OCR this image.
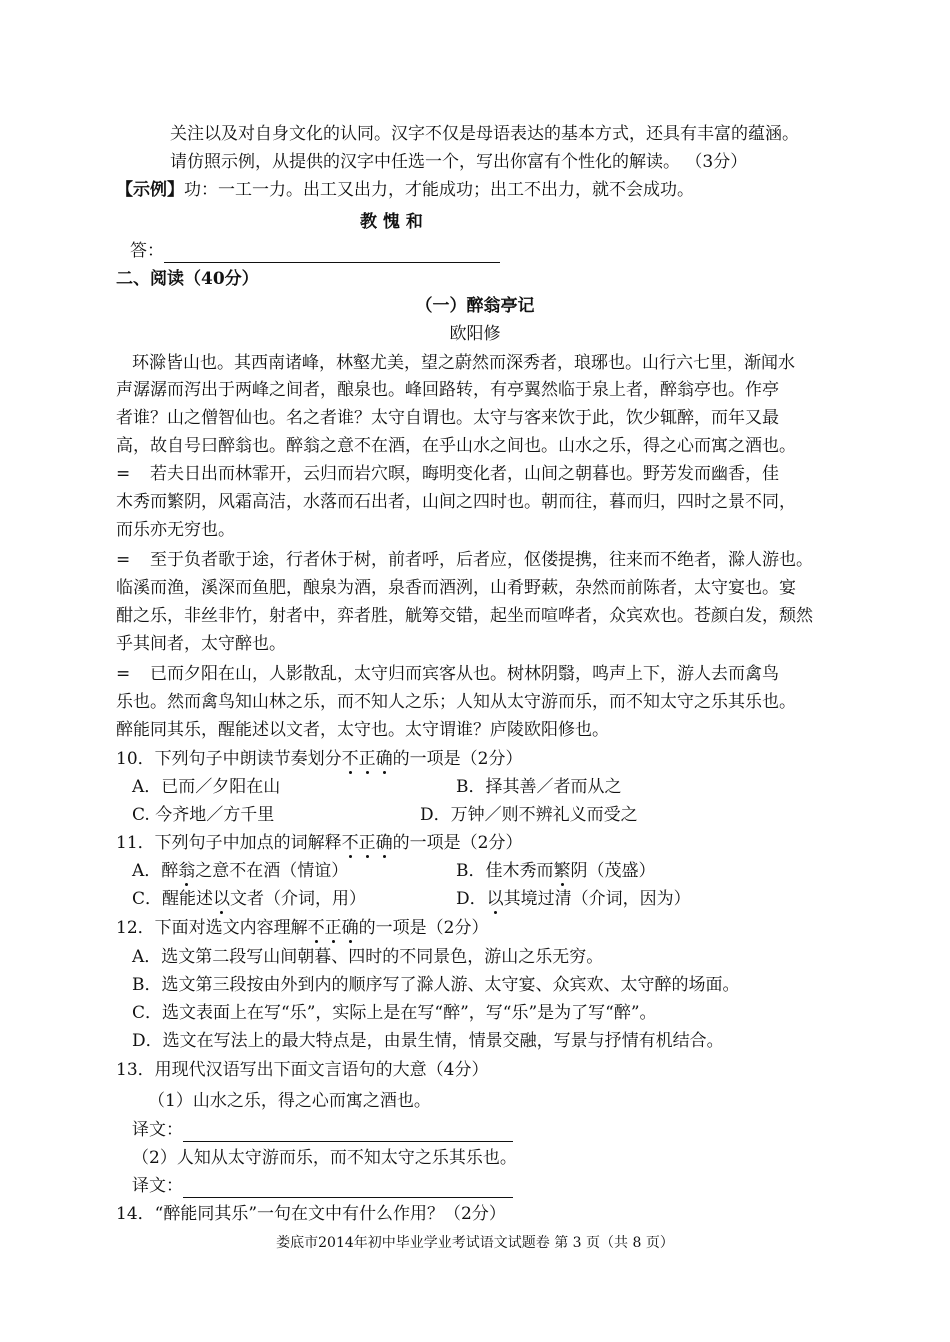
关注以及对自身文化的认同。汉字不仅是母语表达的基本方式，还具有丰富的蕴涵。
请仿照示例，从提供的汉字中任选一个，写出你富有个性化的解读。 （3分）
【示例】功：一工一力。出工又出力，才能成功；出工不出力，就不会成功。
教 愧 和
答：
二、阅读（40分）
（一）醉翁亭记
欧阳修
环滁皆山也。其西南诸峰，林壑尤美，望之蔚然而深秀者，琅琊也。山行六七里，渐闻水
声潺潺而泻出于两峰之间者，酿泉也。峰回路转，有亭翼然临于泉上者，醉翁亭也。作亭
者谁？山之僧智仙也。名之者谁？太守自谓也。太守与客来饮于此，饮少辄醉，而年又最
高，故自号曰醉翁也。醉翁之意不在酒，在乎山水之间也。山水之乐，得之心而寓之酒也。
= 若夫日出而林霏开，云归而岩穴暝，晦明变化者，山间之朝暮也。野芳发而幽香，佳
木秀而繁阴，风霜高洁，水落而石出者，山间之四时也。朝而往，暮而归，四时之景不同，
而乐亦无穷也。
= 至于负者歌于途，行者休于树，前者呼，后者应，伛偻提携，往来而不绝者，滁人游也。
临溪而渔，溪深而鱼肥，酿泉为酒，泉香而酒洌，山肴野蔌，杂然而前陈者，太守宴也。宴
酣之乐，非丝非竹，射者中，弈者胜，觥筹交错，起坐而喧哗者，众宾欢也。苍颜白发，颓然
乎其间者，太守醉也。
= 已而夕阳在山，人影散乱，太守归而宾客从也。树林阴翳，鸣声上下，游人去而禽鸟
乐也。然而禽鸟知山林之乐，而不知人之乐；人知从太守游而乐，而不知太守之乐其乐也。
醉能同其乐，醒能述以文者，太守也。太守谓谁？庐陵欧阳修也。
10．下列句子中朗读节奏划分不正确的一项是（2分）
A．已而／夕阳在山	B．择其善／者而从之
C. 今齐地／方千里	D．万钟／则不辨礼义而受之
11．下列句子中加点的词解释不正确的一项是（2分）
A．醉翁之意不在酒（情谊）	B．佳木秀而繁阴（茂盛）
C．醒能述以文者（介词，用）	D．以其境过清（介词，因为）
12．下面对选文内容理解不正确的一项是（2分）
A．选文第二段写山间朝暮、四时的不同景色，游山之乐无穷。
B．选文第三段按由外到内的顺序写了滁人游、太守宴、众宾欢、太守醉的场面。
C．选文表面上在写“乐”，实际上是在写“醉”，写“乐”是为了写“醉”。
D．选文在写法上的最大特点是，由景生情，情景交融，写景与抒情有机结合。
13．用现代汉语写出下面文言语句的大意（4分）
（1）山水之乐，得之心而寓之酒也。
译文：
（2）人知从太守游而乐，而不知太守之乐其乐也。
译文：
14．“醉能同其乐”一句在文中有什么作用？（2分）
娄底市2014年初中毕业学业考试语文试题卷 第 3 页（共 8 页）
